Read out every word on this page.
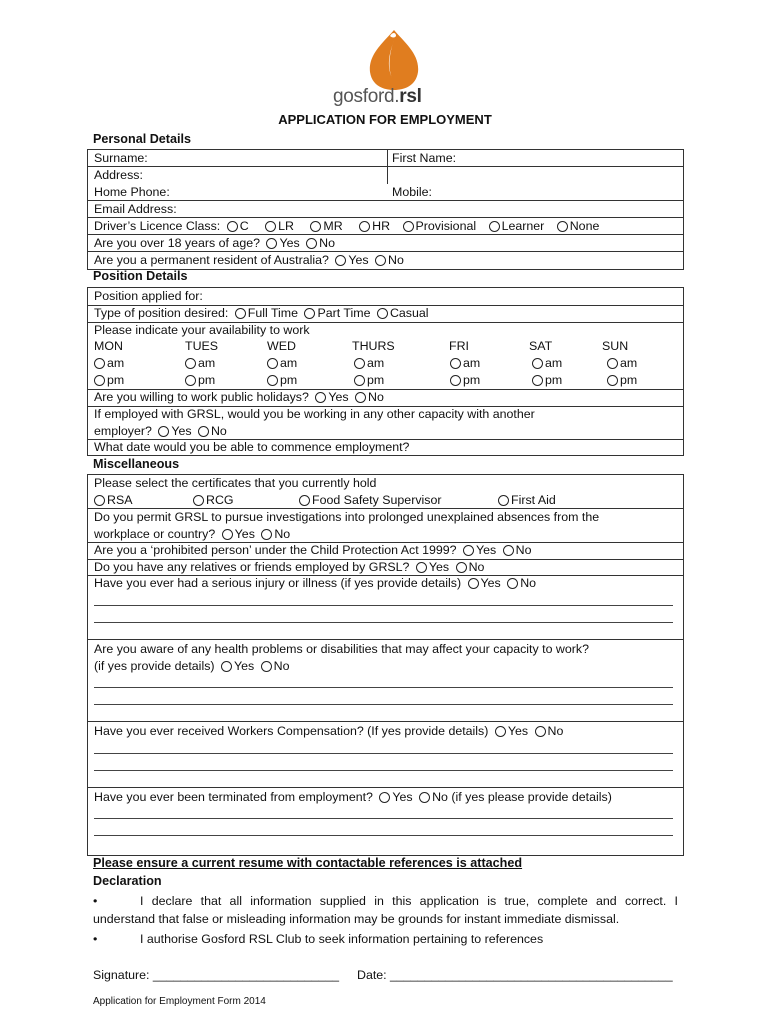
gosford.rsl
APPLICATION FOR EMPLOYMENT
Personal Details
Surname:	First Name:
Address:
Home Phone:	Mobile:
Email Address:
Driver’s Licence Class: C LR MR HR Provisional Learner None
Are you over 18 years of age? Yes No
Are you a permanent resident of Australia? Yes No
Position Details
Position applied for:
Type of position desired: Full Time Part Time Casual
Please indicate your availability to work
MON	TUES	WED	THURS	FRI	SAT	SUN
am	am	am	am	am	am	am
pm	pm	pm	pm	pm	pm	pm
Are you willing to work public holidays? Yes No
If employed with GRSL, would you be working in any other capacity with another
employer? Yes No
What date would you be able to commence employment?
Miscellaneous
Please select the certificates that you currently hold
RSA	RCG	Food Safety Supervisor	First Aid
Do you permit GRSL to pursue investigations into prolonged unexplained absences from the
workplace or country? Yes No
Are you a ‘prohibited person’ under the Child Protection Act 1999? Yes No
Do you have any relatives or friends employed by GRSL? Yes No
Have you ever had a serious injury or illness (if yes provide details) Yes No
Are you aware of any health problems or disabilities that may affect your capacity to work?
(if yes provide details) Yes No
Have you ever received Workers Compensation? (If yes provide details) Yes No
Have you ever been terminated from employment? Yes No (if yes please provide details)
Please ensure a current resume with contactable references is attached
Declaration
•	I declare that all information supplied in this application is true, complete and correct. I
understand that false or misleading information may be grounds for instant immediate dismissal.
•	I authorise Gosford RSL Club to seek information pertaining to references
Signature: ___________________________ Date: _________________________________________
Application for Employment Form 2014
